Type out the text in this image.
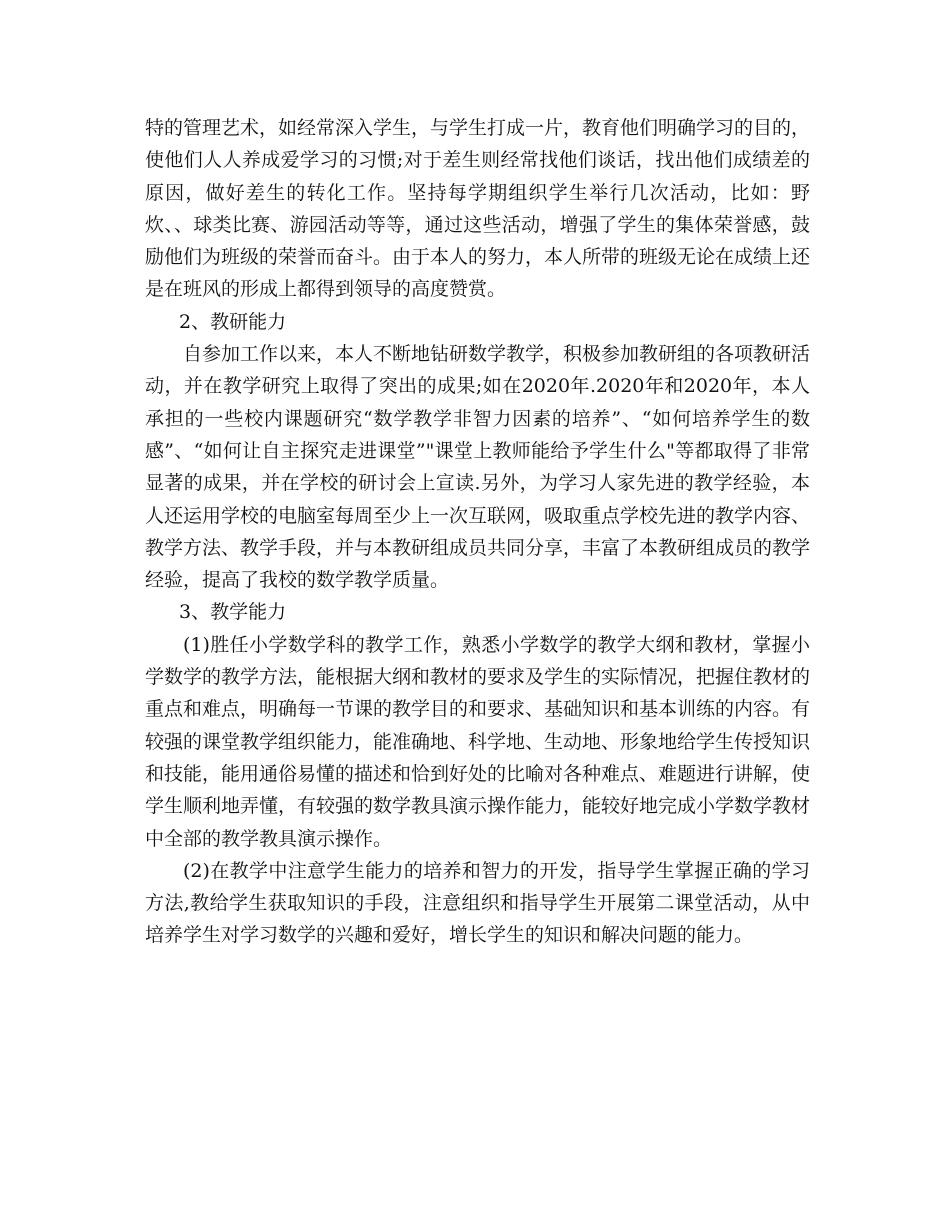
特的管理艺术，如经常深入学生，与学生打成一片，教育他们明确学习的目的，使他们人人养成爱学习的习惯;对于差生则经常找他们谈话，找出他们成绩差的原因，做好差生的转化工作。坚持每学期组织学生举行几次活动，比如：野炊、、球类比赛、游园活动等等，通过这些活动，增强了学生的集体荣誉感，鼓励他们为班级的荣誉而奋斗。由于本人的努力，本人所带的班级无论在成绩上还是在班风的形成上都得到领导的高度赞赏。

2、教研能力

自参加工作以来，本人不断地钻研数学教学，积极参加教研组的各项教研活动，并在教学研究上取得了突出的成果;如在2020年.2020年和2020年，本人承担的一些校内课题研究“数学教学非智力因素的培养”、“如何培养学生的数感”、“如何让自主探究走进课堂”"课堂上教师能给予学生什么"等都取得了非常显著的成果，并在学校的研讨会上宣读.另外，为学习人家先进的教学经验，本人还运用学校的电脑室每周至少上一次互联网，吸取重点学校先进的教学内容、教学方法、教学手段，并与本教研组成员共同分享，丰富了本教研组成员的教学经验，提高了我校的数学教学质量。

3、教学能力

(1)胜任小学数学科的教学工作，熟悉小学数学的教学大纲和教材，掌握小学数学的教学方法，能根据大纲和教材的要求及学生的实际情况，把握住教材的重点和难点，明确每一节课的教学目的和要求、基础知识和基本训练的内容。有较强的课堂教学组织能力，能准确地、科学地、生动地、形象地给学生传授知识和技能，能用通俗易懂的描述和恰到好处的比喻对各种难点、难题进行讲解，使学生顺利地弄懂，有较强的数学教具演示操作能力，能较好地完成小学数学教材中全部的教学教具演示操作。

(2)在教学中注意学生能力的培养和智力的开发，指导学生掌握正确的学习方法,教给学生获取知识的手段，注意组织和指导学生开展第二课堂活动，从中培养学生对学习数学的兴趣和爱好，增长学生的知识和解决问题的能力。
